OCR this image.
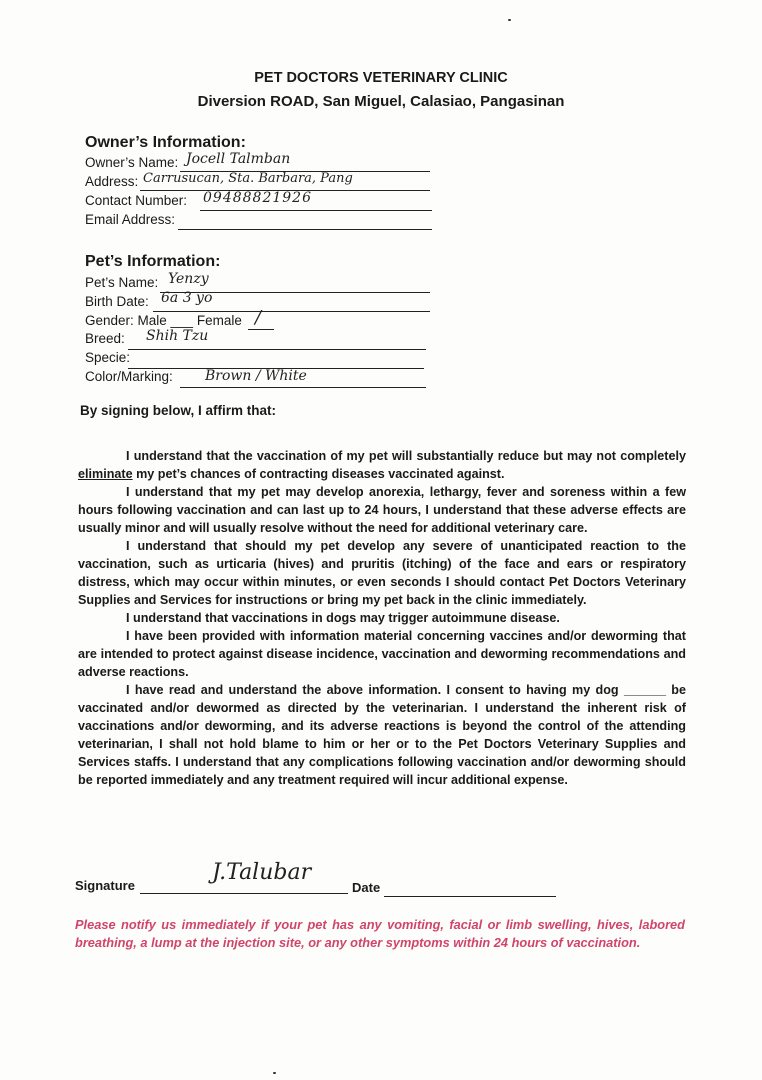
PET DOCTORS VETERINARY CLINIC
Diversion ROAD, San Miguel, Calasiao, Pangasinan
Owner’s Information:
Owner’s Name: Jocell Talmban
Address: Carrusucan, Sta. Barbara, Pang
Contact Number: 09488821926
Email Address:
Pet’s Information:
Pet’s Name: Yenzy
Birth Date: 6a 3 yo
Gender: Male ___ Female /
Breed: Shih Tzu
Specie:
Color/Marking: Brown / White
By signing below, I affirm that:

I understand that the vaccination of my pet will substantially reduce but may not completely eliminate my pet’s chances of contracting diseases vaccinated against.

I understand that my pet may develop anorexia, lethargy, fever and soreness within a few hours following vaccination and can last up to 24 hours, I understand that these adverse effects are usually minor and will usually resolve without the need for additional veterinary care.

I understand that should my pet develop any severe of unanticipated reaction to the vaccination, such as urticaria (hives) and pruritis (itching) of the face and ears or respiratory distress, which may occur within minutes, or even seconds I should contact Pet Doctors Veterinary Supplies and Services for instructions or bring my pet back in the clinic immediately.

I understand that vaccinations in dogs may trigger autoimmune disease.

I have been provided with information material concerning vaccines and/or deworming that are intended to protect against disease incidence, vaccination and deworming recommendations and adverse reactions.

I have read and understand the above information. I consent to having my dog ______ be vaccinated and/or dewormed as directed by the veterinarian. I understand the inherent risk of vaccinations and/or deworming, and its adverse reactions is beyond the control of the attending veterinarian, I shall not hold blame to him or her or to the Pet Doctors Veterinary Supplies and Services staffs. I understand that any complications following vaccination and/or deworming should be reported immediately and any treatment required will incur additional expense.

Signature
J.Talubar
Date
Please notify us immediately if your pet has any vomiting, facial or limb swelling, hives, labored breathing, a lump at the injection site, or any other symptoms within 24 hours of vaccination.
